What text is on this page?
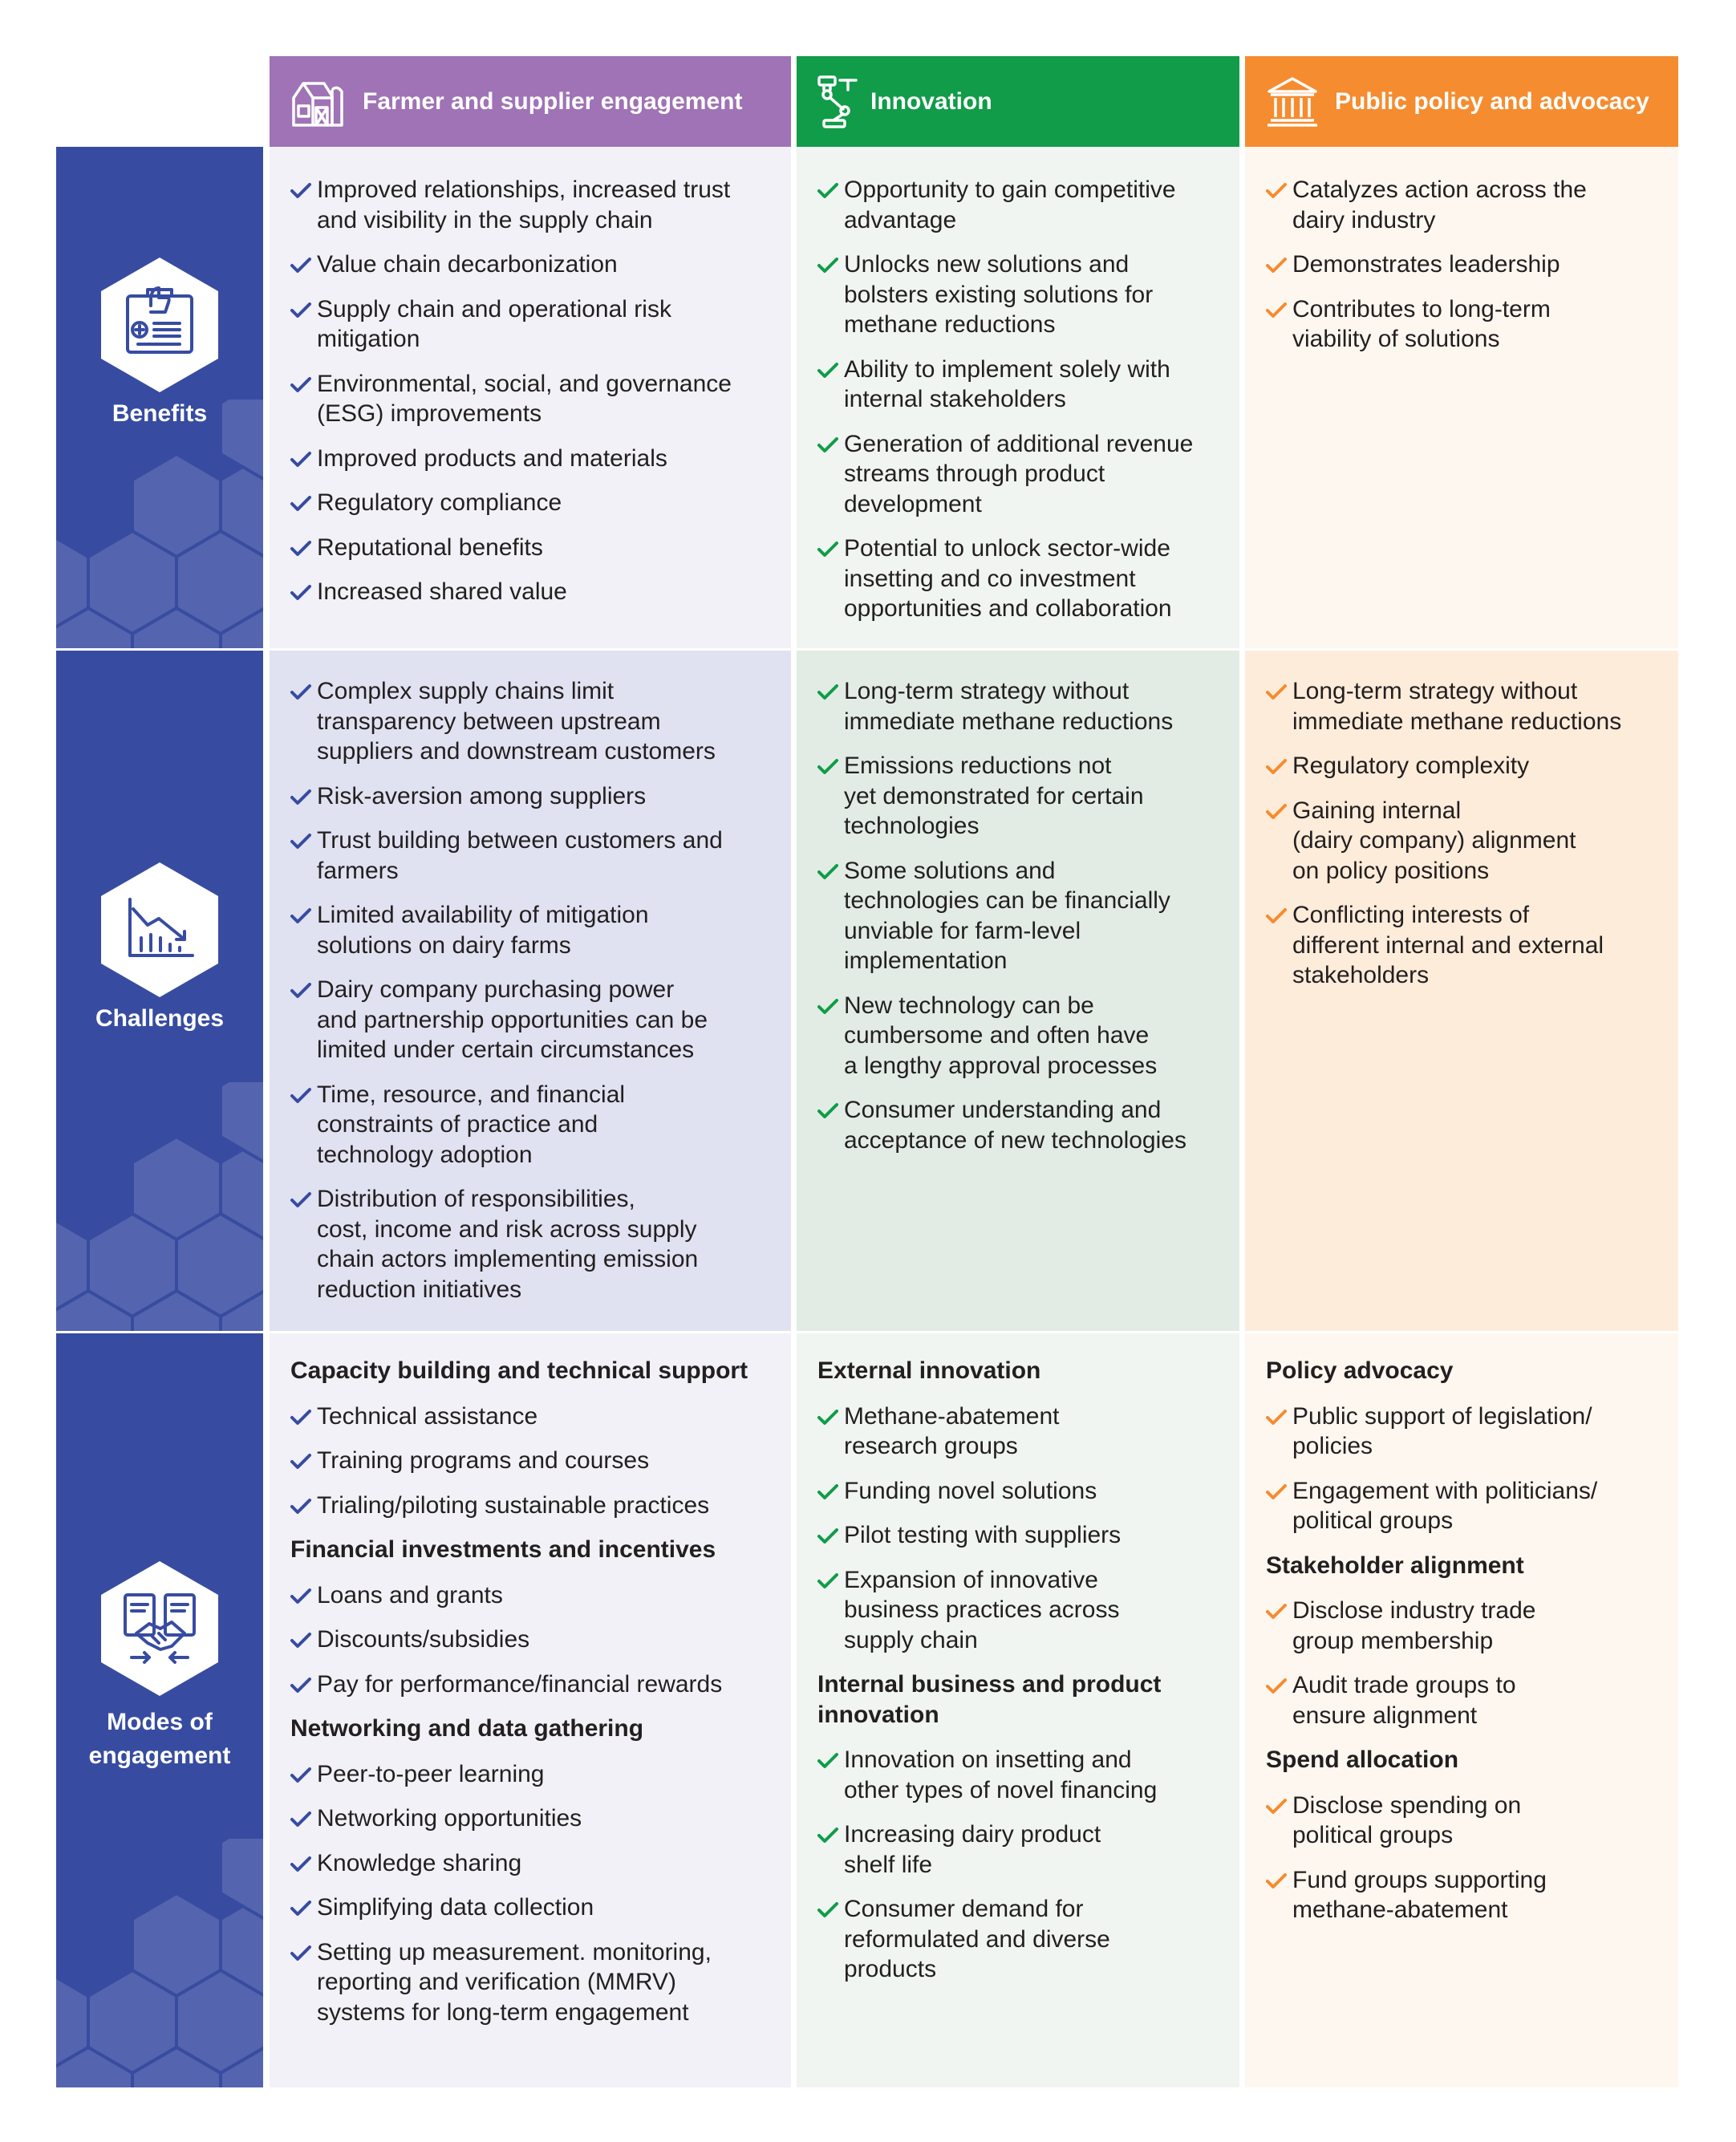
Farmer and supplier engagement	Innovation	Public policy and advocacy
Benefits
Challenges
Modes of
engagement
Improved relationships, increased trust
and visibility in the supply chain
Value chain decarbonization
Supply chain and operational risk
mitigation
Environmental, social, and governance
(ESG) improvements
Improved products and materials
Regulatory compliance
Reputational benefits
Increased shared value
Opportunity to gain competitive
advantage
Unlocks new solutions and
bolsters existing solutions for
methane reductions
Ability to implement solely with
internal stakeholders
Generation of additional revenue
streams through product
development
Potential to unlock sector-wide
insetting and co investment
opportunities and collaboration
Catalyzes action across the
dairy industry
Demonstrates leadership
Contributes to long-term
viability of solutions
Complex supply chains limit
transparency between upstream
suppliers and downstream customers
Risk-aversion among suppliers
Trust building between customers and
farmers
Limited availability of mitigation
solutions on dairy farms
Dairy company purchasing power
and partnership opportunities can be
limited under certain circumstances
Time, resource, and financial
constraints of practice and
technology adoption
Distribution of responsibilities,
cost, income and risk across supply
chain actors implementing emission
reduction initiatives
Long-term strategy without
immediate methane reductions
Emissions reductions not
yet demonstrated for certain
technologies
Some solutions and
technologies can be financially
unviable for farm-level
implementation
New technology can be
cumbersome and often have
a lengthy approval processes
Consumer understanding and
acceptance of new technologies
Long-term strategy without
immediate methane reductions
Regulatory complexity
Gaining internal
(dairy company) alignment
on policy positions
Conflicting interests of
different internal and external
stakeholders
Capacity building and technical support
Technical assistance
Training programs and courses
Trialing/piloting sustainable practices
Financial investments and incentives
Loans and grants
Discounts/subsidies
Pay for performance/financial rewards
Networking and data gathering
Peer-to-peer learning
Networking opportunities
Knowledge sharing
Simplifying data collection
Setting up measurement. monitoring,
reporting and verification (MMRV)
systems for long-term engagement
External innovation
Methane-abatement
research groups
Funding novel solutions
Pilot testing with suppliers
Expansion of innovative
business practices across
supply chain
Internal business and product
innovation
Innovation on insetting and
other types of novel financing
Increasing dairy product
shelf life
Consumer demand for
reformulated and diverse
products
Policy advocacy
Public support of legislation/
policies
Engagement with politicians/
political groups
Stakeholder alignment
Disclose industry trade
group membership
Audit trade groups to
ensure alignment
Spend allocation
Disclose spending on
political groups
Fund groups supporting
methane-abatement
